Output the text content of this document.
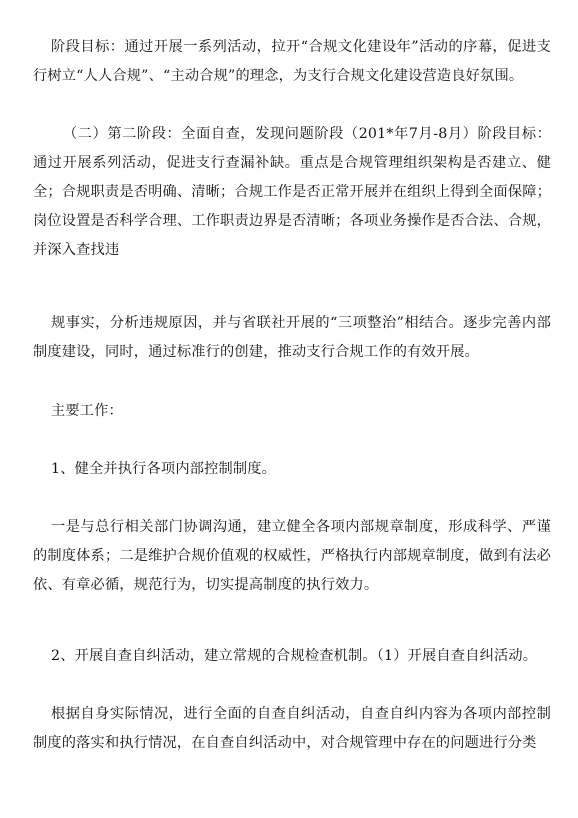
阶段目标：通过开展一系列活动，拉开“合规文化建设年”活动的序幕，促进支行树立“人人合规”、“主动合规”的理念，为支行合规文化建设营造良好氛围。

（二）第二阶段：全面自查，发现问题阶段（201*年7月-8月）阶段目标：通过开展系列活动，促进支行查漏补缺。重点是合规管理组织架构是否建立、健全；合规职责是否明确、清晰；合规工作是否正常开展并在组织上得到全面保障；岗位设置是否科学合理、工作职责边界是否清晰；各项业务操作是否合法、合规，并深入查找违

规事实，分析违规原因，并与省联社开展的“三项整治”相结合。逐步完善内部制度建设，同时，通过标准行的创建，推动支行合规工作的有效开展。

主要工作：

1、健全并执行各项内部控制制度。

一是与总行相关部门协调沟通，建立健全各项内部规章制度，形成科学、严谨的制度体系；二是维护合规价值观的权威性，严格执行内部规章制度，做到有法必依、有章必循，规范行为，切实提高制度的执行效力。

2、开展自查自纠活动，建立常规的合规检查机制。（1）开展自查自纠活动。

根据自身实际情况，进行全面的自查自纠活动，自查自纠内容为各项内部控制制度的落实和执行情况，在自查自纠活动中，对合规管理中存在的问题进行分类
